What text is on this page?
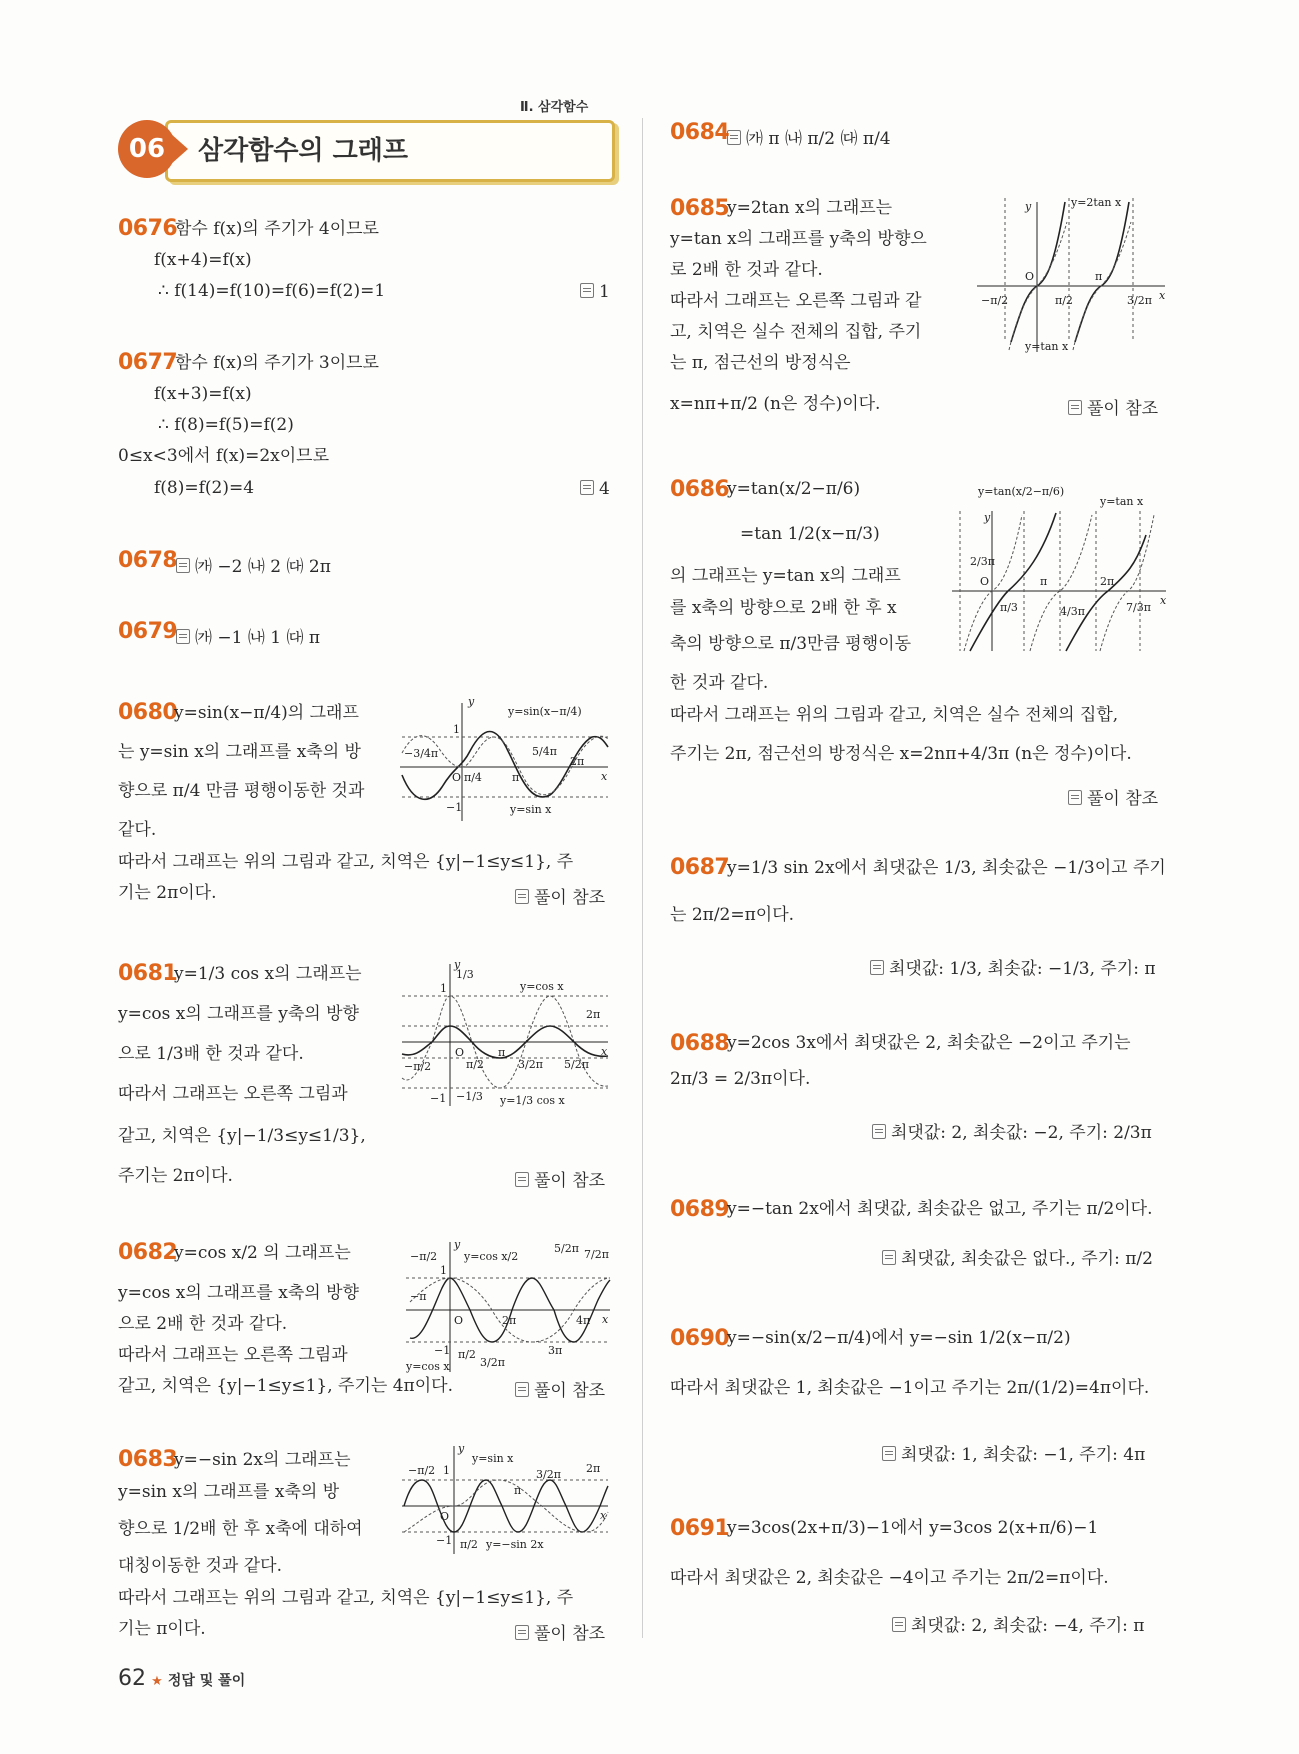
Ⅱ. 삼각함수
06	삼각함수의 그래프
0676
함수 f(x)의 주기가 4이므로
f(x+4)=f(x)
∴ f(14)=f(10)=f(6)=f(2)=1	1
0677
함수 f(x)의 주기가 3이므로
f(x+3)=f(x)
∴ f(8)=f(5)=f(2)
0≤x<3에서 f(x)=2x이므로
f(8)=f(2)=4	4
0678	㈎ −2 ㈏ 2 ㈐ 2π
0679	㈎ −1 ㈏ 1 ㈐ π
0680
y=sin(x−π/4)의 그래프
는 y=sin x의 그래프를 x축의 방
향으로 π/4 만큼 평행이동한 것과
같다.
따라서 그래프는 위의 그림과 같고, 치역은 {y|−1≤y≤1}, 주
기는 2π이다.	풀이 참조
y
x
O
1
−1
−3/4π
π/4	π
5/4π
2π
y=sin(x−π/4)
y=sin x
0681
y=1/3 cos x의 그래프는
y=cos x의 그래프를 y축의 방향
으로 1/3배 한 것과 같다.
따라서 그래프는 오른쪽 그림과
같고, 치역은 {y|−1/3≤y≤1/3},
주기는 2π이다.	풀이 참조
y
x
O
1
−1
1/3
−1/3
−π/2	π/2
π
3/2π
2π
5/2π
y=cos x
y=1/3 cos x
0682
y=cos x/2 의 그래프는
y=cos x의 그래프를 x축의 방향
으로 2배 한 것과 같다.
따라서 그래프는 오른쪽 그림과
같고, 치역은 {y|−1≤y≤1}, 주기는 4π이다.	풀이 참조
y
x
O
1
−1
−π/2
π/2
3/2π
2π
3π
4π
5/2π 7/2π
−π
y=cos x/2
y=cos x
0683
y=−sin 2x의 그래프는
y=sin x의 그래프를 x축의 방
향으로 1/2배 한 후 x축에 대하여
대칭이동한 것과 같다.
따라서 그래프는 위의 그림과 같고, 치역은 {y|−1≤y≤1}, 주
기는 π이다.	풀이 참조
y
x
O
1
−1
−π/2
π/2
π
3/2π 2π
y=sin x
y=−sin 2x
0684 ㈎ π ㈏ π/2 ㈐ π/4
0685
y=2tan x의 그래프는
y=tan x의 그래프를 y축의 방향으
로 2배 한 것과 같다.
따라서 그래프는 오른쪽 그림과 같
고, 치역은 실수 전체의 집합, 주기
는 π, 점근선의 방정식은
x=nπ+π/2 (n은 정수)이다.	풀이 참조
y
x
O
−π/2	π/2
π
3/2π
y=2tan x
y=tan x
0686
y=tan(x/2−π/6)
=tan 1/2(x−π/3)
의 그래프는 y=tan x의 그래프
를 x축의 방향으로 2배 한 후 x
축의 방향으로 π/3만큼 평행이동
한 것과 같다.
따라서 그래프는 위의 그림과 같고, 치역은 실수 전체의 집합,
주기는 2π, 점근선의 방정식은 x=2nπ+4/3π (n은 정수)이다.
풀이 참조
y
x
O
2/3π
π/3
π
4/3π
2π
7/3π
y=tan(x/2−π/6)
y=tan x
0687
y=1/3 sin 2x에서 최댓값은 1/3, 최솟값은 −1/3이고 주기
는 2π/2=π이다.
최댓값: 1/3, 최솟값: −1/3, 주기: π
0688
y=2cos 3x에서 최댓값은 2, 최솟값은 −2이고 주기는
2π/3 = 2/3π이다.
최댓값: 2, 최솟값: −2, 주기: 2/3π
0689
y=−tan 2x에서 최댓값, 최솟값은 없고, 주기는 π/2이다.
최댓값, 최솟값은 없다., 주기: π/2
0690
y=−sin(x/2−π/4)에서 y=−sin 1/2(x−π/2)
따라서 최댓값은 1, 최솟값은 −1이고 주기는 2π/(1/2)=4π이다.
최댓값: 1, 최솟값: −1, 주기: 4π
0691
y=3cos(2x+π/3)−1에서 y=3cos 2(x+π/6)−1
따라서 최댓값은 2, 최솟값은 −4이고 주기는 2π/2=π이다.
최댓값: 2, 최솟값: −4, 주기: π
62 ★ 정답 및 풀이
